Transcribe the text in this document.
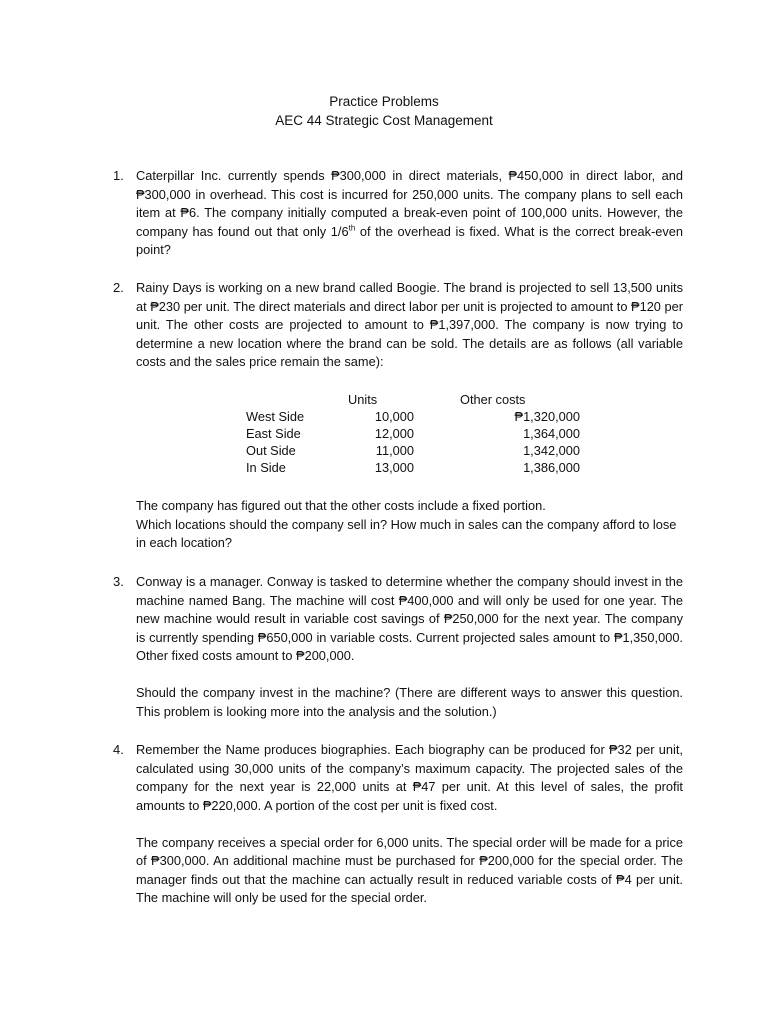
Practice Problems
AEC 44 Strategic Cost Management
1. Caterpillar Inc. currently spends ₱300,000 in direct materials, ₱450,000 in direct labor, and ₱300,000 in overhead. This cost is incurred for 250,000 units. The company plans to sell each item at ₱6. The company initially computed a break-even point of 100,000 units. However, the company has found out that only 1/6th of the overhead is fixed. What is the correct break-even point?

2. Rainy Days is working on a new brand called Boogie. The brand is projected to sell 13,500 units at ₱230 per unit. The direct materials and direct labor per unit is projected to amount to ₱120 per unit. The other costs are projected to amount to ₱1,397,000. The company is now trying to determine a new location where the brand can be sold. The details are as follows (all variable costs and the sales price remain the same):

	Units	Other costs
West Side	10,000	₱1,320,000
East Side	12,000	1,364,000
Out Side	11,000	1,342,000
In Side	13,000	1,386,000

The company has figured out that the other costs include a fixed portion.

Which locations should the company sell in? How much in sales can the company afford to lose in each location?

3. Conway is a manager. Conway is tasked to determine whether the company should invest in the machine named Bang. The machine will cost ₱400,000 and will only be used for one year. The new machine would result in variable cost savings of ₱250,000 for the next year. The company is currently spending ₱650,000 in variable costs. Current projected sales amount to ₱1,350,000. Other fixed costs amount to ₱200,000.

Should the company invest in the machine? (There are different ways to answer this question. This problem is looking more into the analysis and the solution.)

4. Remember the Name produces biographies. Each biography can be produced for ₱32 per unit, calculated using 30,000 units of the company’s maximum capacity. The projected sales of the company for the next year is 22,000 units at ₱47 per unit. At this level of sales, the profit amounts to ₱220,000. A portion of the cost per unit is fixed cost.

The company receives a special order for 6,000 units. The special order will be made for a price of ₱300,000. An additional machine must be purchased for ₱200,000 for the special order. The manager finds out that the machine can actually result in reduced variable costs of ₱4 per unit. The machine will only be used for the special order.
